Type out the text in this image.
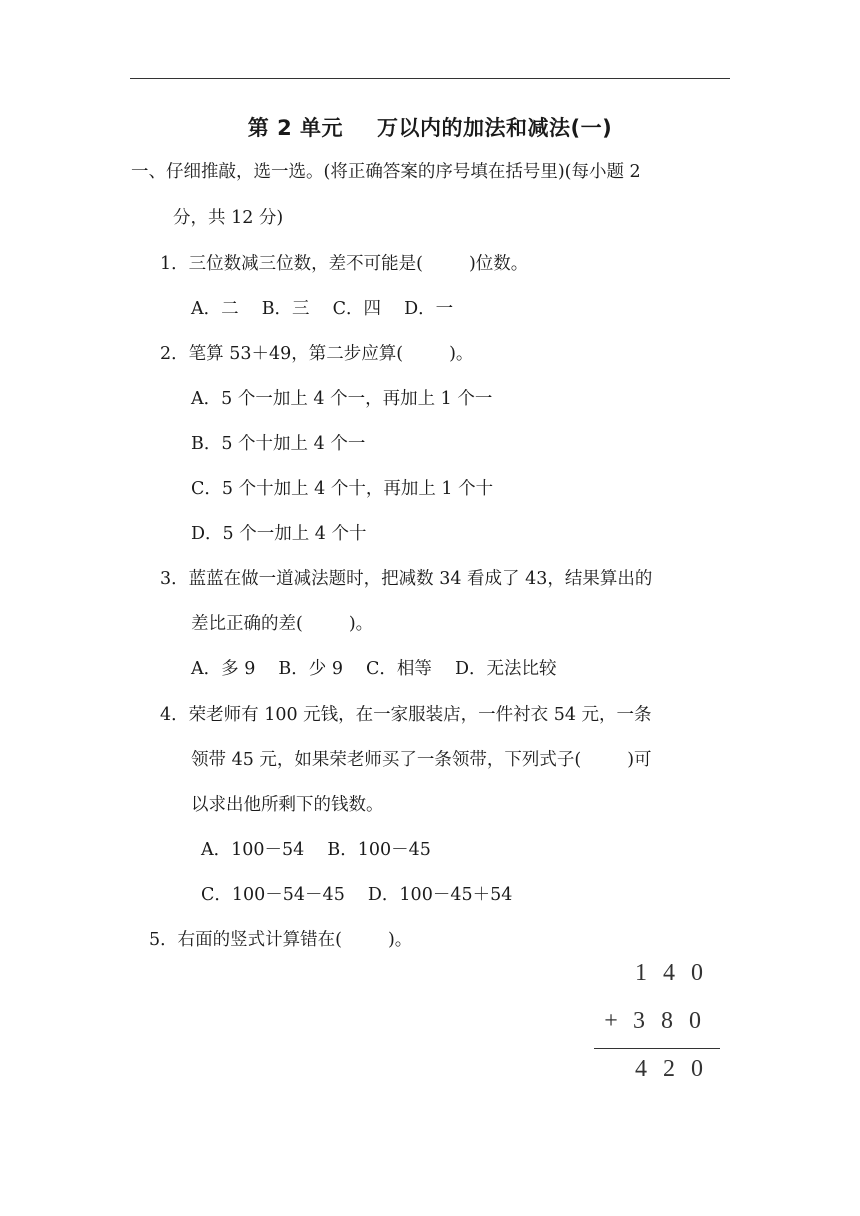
第 2 单元 万以内的加法和减法(一)
一、仔细推敲，选一选。(将正确答案的序号填在括号里)(每小题 2
分，共 12 分)
1．三位数减三位数，差不可能是(	)位数。
A．二　 B．三　 C．四　 D．一
2．笔算 53＋49，第二步应算(	)。
A．5 个一加上 4 个一，再加上 1 个一
B．5 个十加上 4 个一
C．5 个十加上 4 个十，再加上 1 个十
D．5 个一加上 4 个十
3．蓝蓝在做一道减法题时，把减数 34 看成了 43，结果算出的
差比正确的差(	)。
A．多 9　 B．少 9　 C．相等　 D．无法比较
4．荣老师有 100 元钱，在一家服装店，一件衬衣 54 元，一条
领带 45 元，如果荣老师买了一条领带，下列式子(	)可
以求出他所剩下的钱数。
A．100－54　 B．100－45
C．100－54－45　 D．100－45＋54
5．右面的竖式计算错在(	)。
1 4 0
+ 3 8 0
4 2 0
